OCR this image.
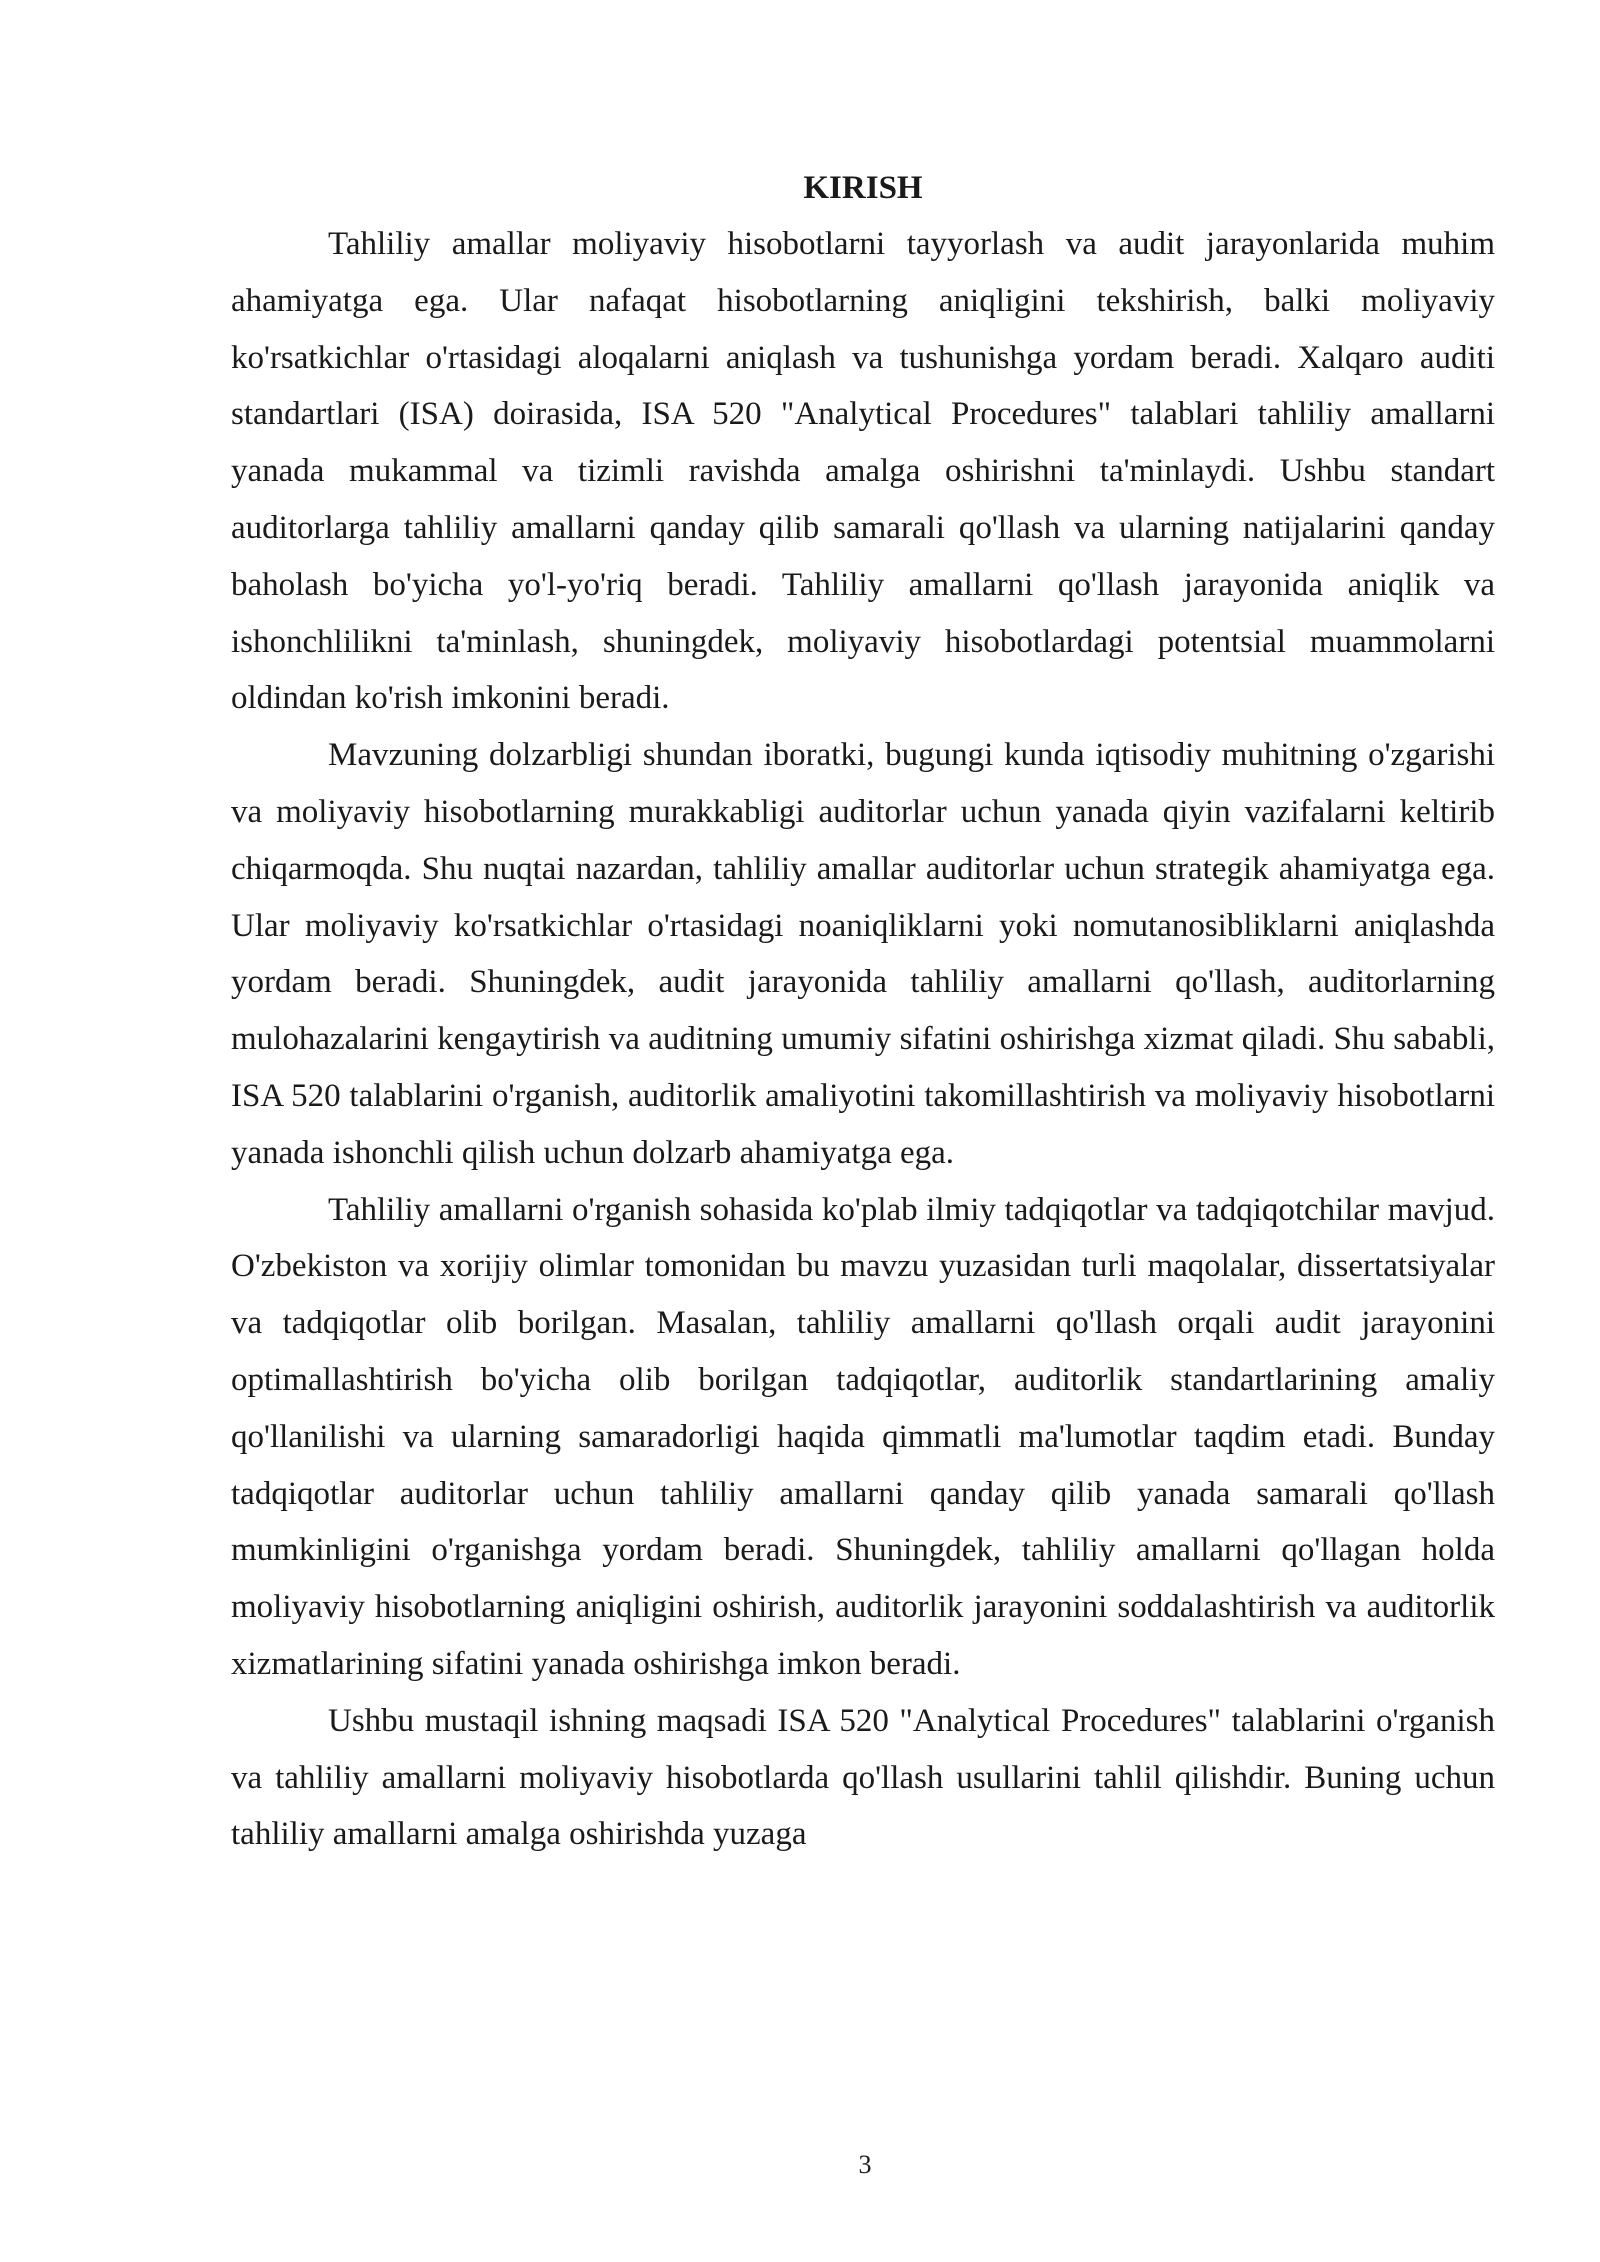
KIRISH

Tahliliy amallar moliyaviy hisobotlarni tayyorlash va audit jarayonlarida muhim ahamiyatga ega. Ular nafaqat hisobotlarning aniqligini tekshirish, balki moliyaviy ko'rsatkichlar o'rtasidagi aloqalarni aniqlash va tushunishga yordam beradi. Xalqaro auditi standartlari (ISA) doirasida, ISA 520 "Analytical Procedures" talablari tahliliy amallarni yanada mukammal va tizimli ravishda amalga oshirishni ta'minlaydi. Ushbu standart auditorlarga tahliliy amallarni qanday qilib samarali qo'llash va ularning natijalarini qanday baholash bo'yicha yo'l-yo'riq beradi. Tahliliy amallarni qo'llash jarayonida aniqlik va ishonchlilikni ta'minlash, shuningdek, moliyaviy hisobotlardagi potentsial muammolarni oldindan ko'rish imkonini beradi.

Mavzuning dolzarbligi shundan iboratki, bugungi kunda iqtisodiy muhitning o'zgarishi va moliyaviy hisobotlarning murakkabligi auditorlar uchun yanada qiyin vazifalarni keltirib chiqarmoqda. Shu nuqtai nazardan, tahliliy amallar auditorlar uchun strategik ahamiyatga ega. Ular moliyaviy ko'rsatkichlar o'rtasidagi noaniqliklarni yoki nomutanosibliklarni aniqlashda yordam beradi. Shuningdek, audit jarayonida tahliliy amallarni qo'llash, auditorlarning mulohazalarini kengaytirish va auditning umumiy sifatini oshirishga xizmat qiladi. Shu sababli, ISA 520 talablarini o'rganish, auditorlik amaliyotini takomillashtirish va moliyaviy hisobotlarni yanada ishonchli qilish uchun dolzarb ahamiyatga ega.

Tahliliy amallarni o'rganish sohasida ko'plab ilmiy tadqiqotlar va tadqiqotchilar mavjud. O'zbekiston va xorijiy olimlar tomonidan bu mavzu yuzasidan turli maqolalar, dissertatsiyalar va tadqiqotlar olib borilgan. Masalan, tahliliy amallarni qo'llash orqali audit jarayonini optimallashtirish bo'yicha olib borilgan tadqiqotlar, auditorlik standartlarining amaliy qo'llanilishi va ularning samaradorligi haqida qimmatli ma'lumotlar taqdim etadi. Bunday tadqiqotlar auditorlar uchun tahliliy amallarni qanday qilib yanada samarali qo'llash mumkinligini o'rganishga yordam beradi. Shuningdek, tahliliy amallarni qo'llagan holda moliyaviy hisobotlarning aniqligini oshirish, auditorlik jarayonini soddalashtirish va auditorlik xizmatlarining sifatini yanada oshirishga imkon beradi.

Ushbu mustaqil ishning maqsadi ISA 520 "Analytical Procedures" talablarini o'rganish va tahliliy amallarni moliyaviy hisobotlarda qo'llash usullarini tahlil qilishdir. Buning uchun tahliliy amallarni amalga oshirishda yuzaga

3
